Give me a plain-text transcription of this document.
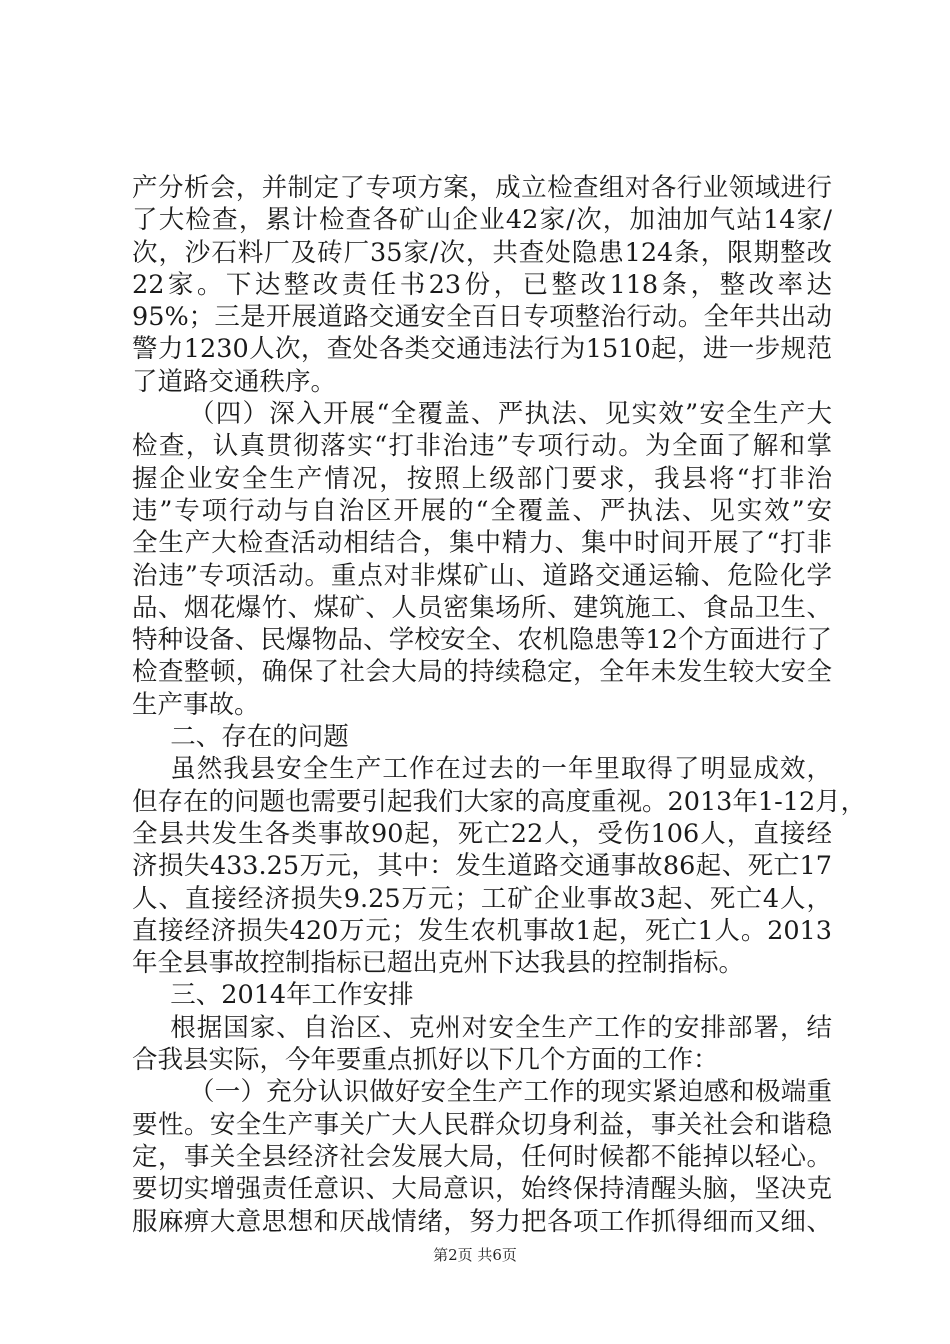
产分析会，并制定了专项方案，成立检查组对各行业领域进行
了大检查，累计检查各矿山企业42家/次，加油加气站14家/
次，沙石料厂及砖厂35家/次，共查处隐患124条，限期整改
22家。下达整改责任书23份，已整改118条，整改率达
95%；三是开展道路交通安全百日专项整治行动。全年共出动
警力1230人次，查处各类交通违法行为1510起，进一步规范
了道路交通秩序。
（四）深入开展“全覆盖、严执法、见实效”安全生产大
检查，认真贯彻落实“打非治违”专项行动。为全面了解和掌
握企业安全生产情况，按照上级部门要求，我县将“打非治
违”专项行动与自治区开展的“全覆盖、严执法、见实效”安
全生产大检查活动相结合，集中精力、集中时间开展了“打非
治违”专项活动。重点对非煤矿山、道路交通运输、危险化学
品、烟花爆竹、煤矿、人员密集场所、建筑施工、食品卫生、
特种设备、民爆物品、学校安全、农机隐患等12个方面进行了
检查整顿，确保了社会大局的持续稳定，全年未发生较大安全
生产事故。
二、存在的问题
虽然我县安全生产工作在过去的一年里取得了明显成效，
但存在的问题也需要引起我们大家的高度重视。2013年1-12月，
全县共发生各类事故90起，死亡22人，受伤106人，直接经
济损失433.25万元，其中：发生道路交通事故86起、死亡17
人、直接经济损失9.25万元；工矿企业事故3起、死亡4人，
直接经济损失420万元；发生农机事故1起，死亡1人。2013
年全县事故控制指标已超出克州下达我县的控制指标。
三、2014年工作安排
根据国家、自治区、克州对安全生产工作的安排部署，结
合我县实际，今年要重点抓好以下几个方面的工作：
（一）充分认识做好安全生产工作的现实紧迫感和极端重
要性。安全生产事关广大人民群众切身利益，事关社会和谐稳
定，事关全县经济社会发展大局，任何时候都不能掉以轻心。
要切实增强责任意识、大局意识，始终保持清醒头脑，坚决克
服麻痹大意思想和厌战情绪，努力把各项工作抓得细而又细、
第2页 共6页
